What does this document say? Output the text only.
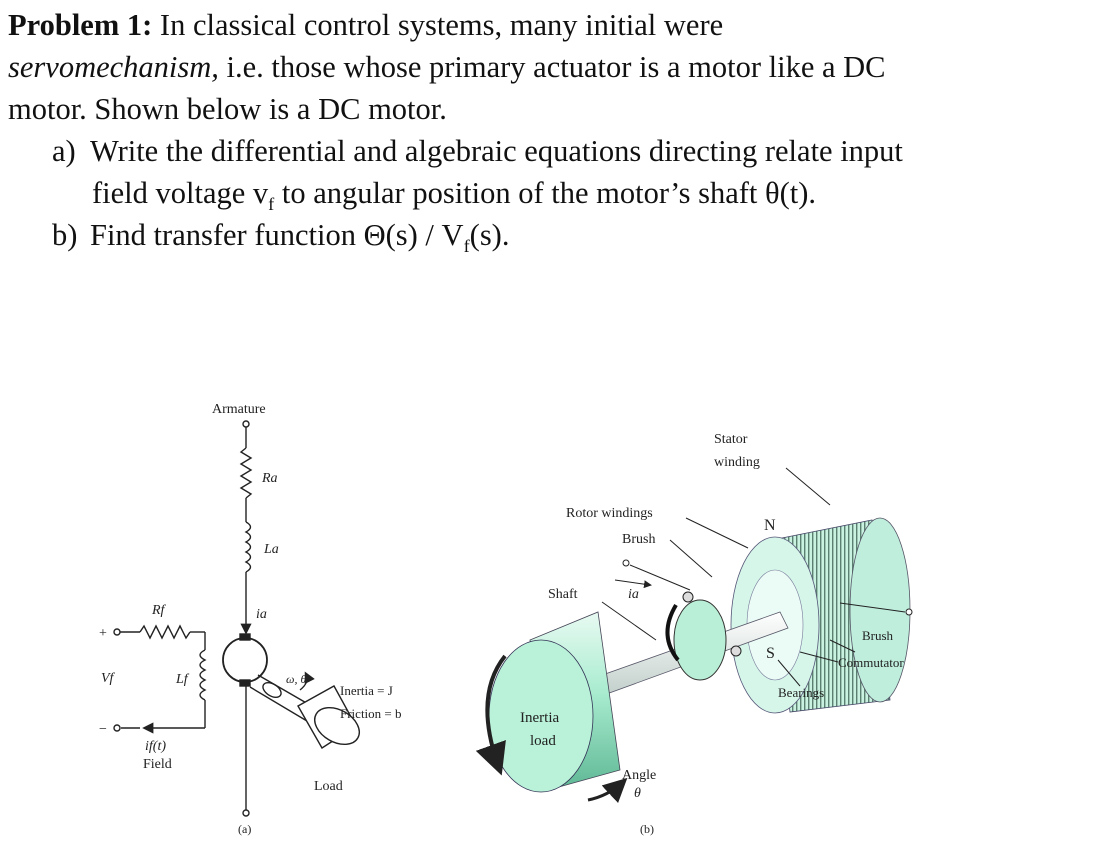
Problem 1: In classical control systems, many initial were

servomechanism, i.e. those whose primary actuator is a motor like a DC

motor. Shown below is a DC motor.

a) Write the differential and algebraic equations directing relate input
field voltage $v_f$ to angular position of the motor’s shaft θ(t).
b) Find transfer function $\Theta(s) / V_f(s)$.
Armature
Ra
La
ia
Rf
+
Vf	Lf
−
if(t)
Field
ω, θ
Inertia = J
Friction = b
Load
(a)
Stator
winding
Rotor windings
Brush
Shaft	ia
N
S
Brush
Commutator
Bearings
Inertia
load
Angle
θ
(b)
